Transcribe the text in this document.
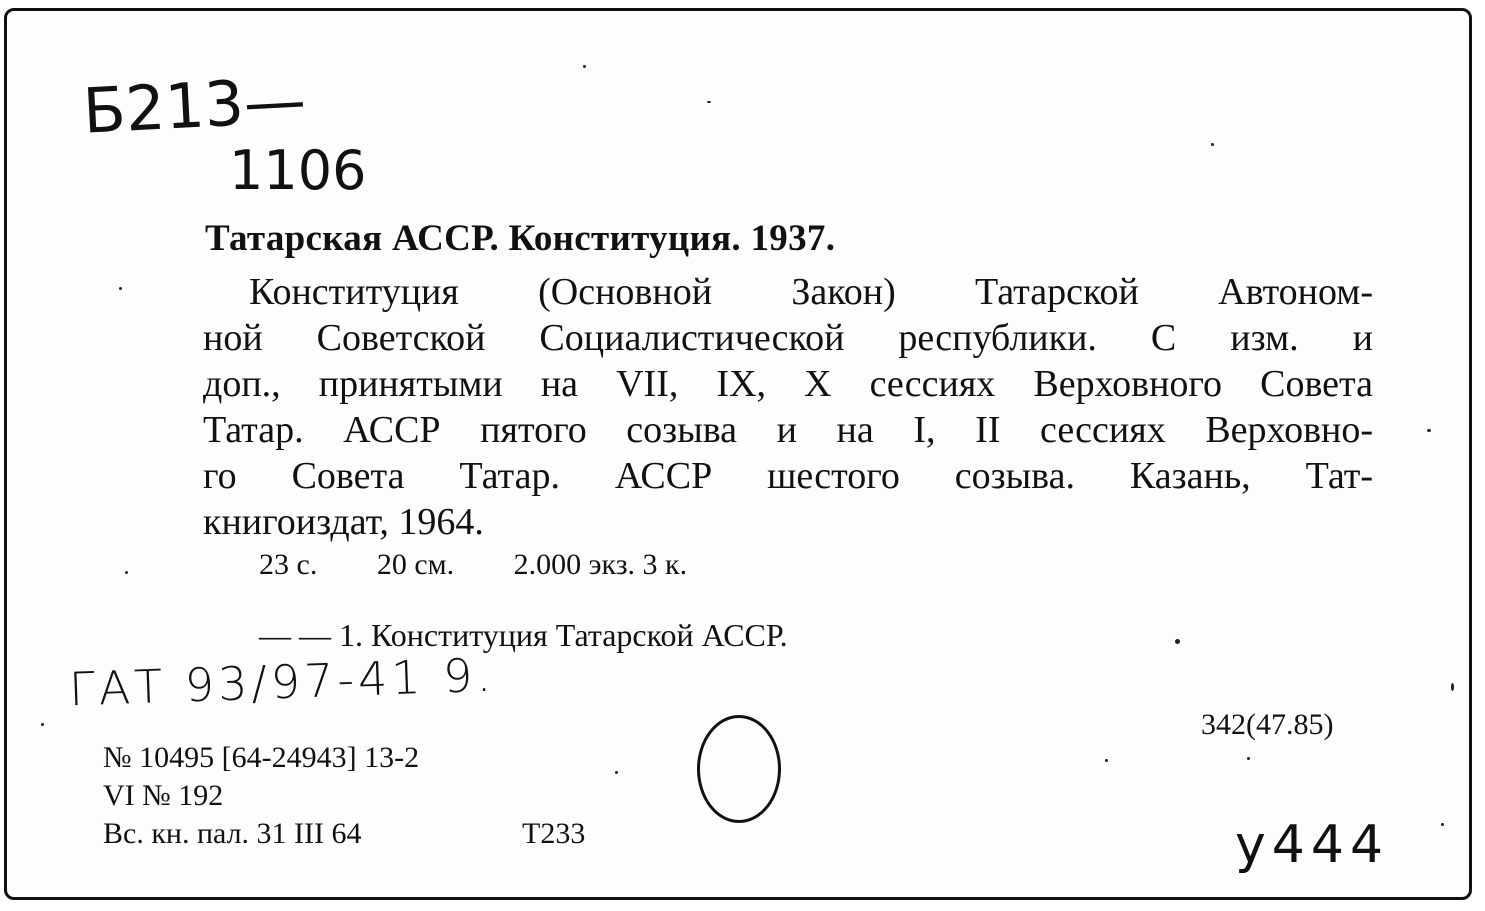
Б213—
1106
Татарская АССР. Конституция. 1937.
Конституция (Основной Закон) Татарской Автоном-
ной Советской Социалистической республики. С изм. и
доп., принятыми на VII, IX, X сессиях Верховного Совета
Татар. АССР пятого созыва и на I, II сессиях Верховно-
го Совета Татар. АССР шестого созыва. Казань, Тат-
книгоиздат, 1964.
23 с. 20 см. 2.000 экз. 3 к.
— — 1. Конституция Татарской АССР.
ГАТ 93/97-41 9.
342(47.85)
№ 10495 [64-24943] 13-2
VI № 192
Вс. кн. пал. 31 III 64	T233	у444
